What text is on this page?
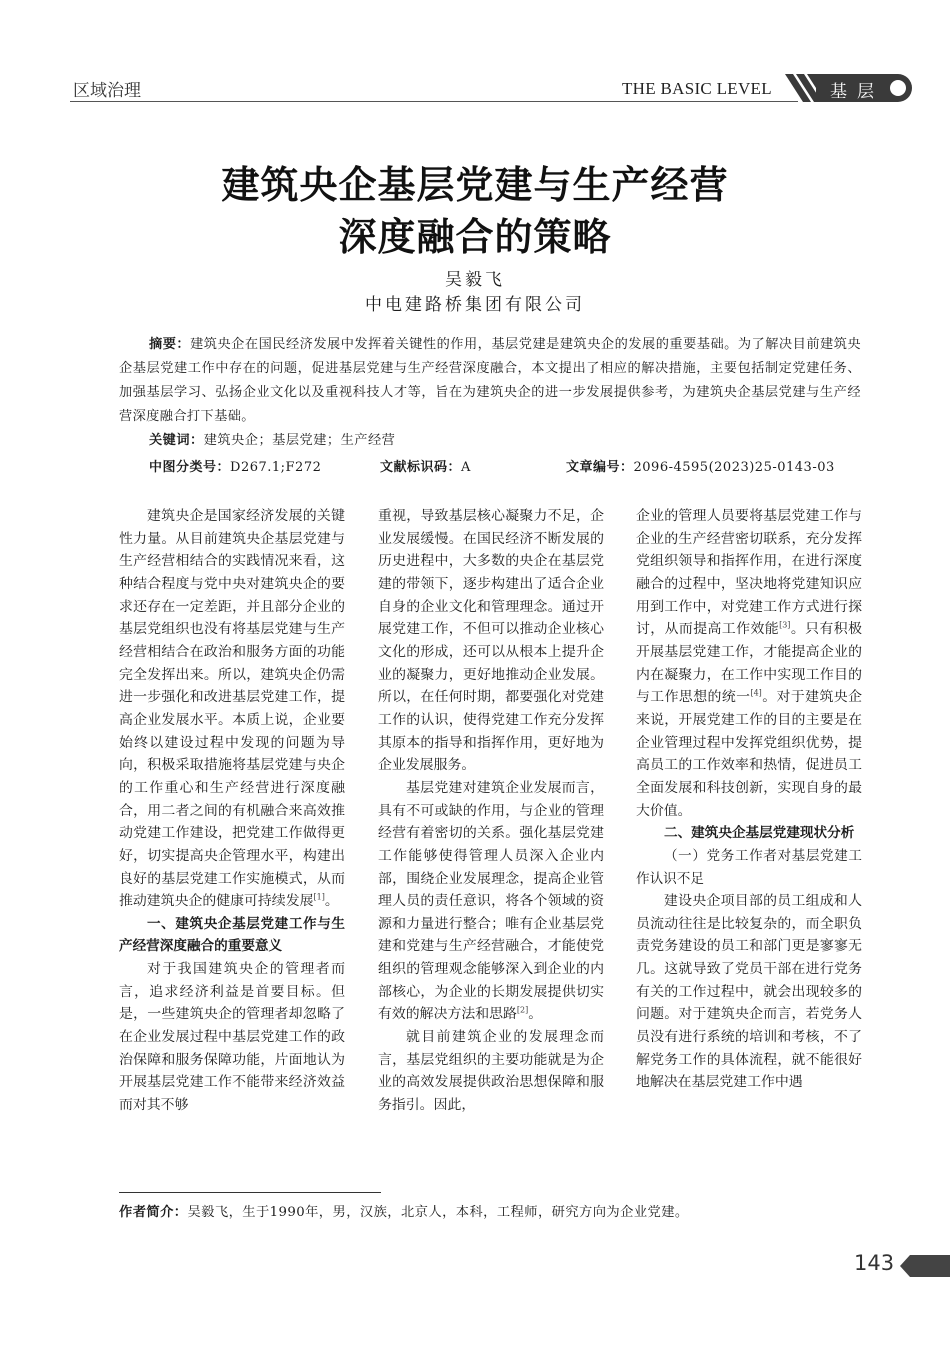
区域治理	THE BASIC LEVEL	基层
建筑央企基层党建与生产经营
深度融合的策略
吴毅飞
中电建路桥集团有限公司
摘要：建筑央企在国民经济发展中发挥着关键性的作用，基层党建是建筑央企的发展的重要基础。为了解决目前建筑央企基层党建工作中存在的问题，促进基层党建与生产经营深度融合，本文提出了相应的解决措施，主要包括制定党建任务、加强基层学习、弘扬企业文化以及重视科技人才等，旨在为建筑央企的进一步发展提供参考，为建筑央企基层党建与生产经营深度融合打下基础。
关键词：建筑央企；基层党建；生产经营
中图分类号：D267.1;F272	文献标识码：A	文章编号：2096-4595(2023)25-0143-03

建筑央企是国家经济发展的关键性力量。从目前建筑央企基层党建与生产经营相结合的实践情况来看，这种结合程度与党中央对建筑央企的要求还存在一定差距，并且部分企业的基层党组织也没有将基层党建与生产经营相结合在政治和服务方面的功能完全发挥出来。所以，建筑央企仍需进一步强化和改进基层党建工作，提高企业发展水平。本质上说，企业要始终以建设过程中发现的问题为导向，积极采取措施将基层党建与央企的工作重心和生产经营进行深度融合，用二者之间的有机融合来高效推动党建工作建设，把党建工作做得更好，切实提高央企管理水平，构建出良好的基层党建工作实施模式，从而推动建筑央企的健康可持续发展[1]。

一、建筑央企基层党建工作与生产经营深度融合的重要意义

对于我国建筑央企的管理者而言，追求经济利益是首要目标。但是，一些建筑央企的管理者却忽略了在企业发展过程中基层党建工作的政治保障和服务保障功能，片面地认为开展基层党建工作不能带来经济效益而对其不够

重视，导致基层核心凝聚力不足，企业发展缓慢。在国民经济不断发展的历史进程中，大多数的央企在基层党建的带领下，逐步构建出了适合企业自身的企业文化和管理理念。通过开展党建工作，不但可以推动企业核心文化的形成，还可以从根本上提升企业的凝聚力，更好地推动企业发展。所以，在任何时期，都要强化对党建工作的认识，使得党建工作充分发挥其原本的指导和指挥作用，更好地为企业发展服务。

基层党建对建筑企业发展而言，具有不可或缺的作用，与企业的管理经营有着密切的关系。强化基层党建工作能够使得管理人员深入企业内部，围绕企业发展理念，提高企业管理人员的责任意识，将各个领域的资源和力量进行整合；唯有企业基层党建和党建与生产经营融合，才能使党组织的管理观念能够深入到企业的内部核心，为企业的长期发展提供切实有效的解决方法和思路[2]。

就目前建筑企业的发展理念而言，基层党组织的主要功能就是为企业的高效发展提供政治思想保障和服务指引。因此，

企业的管理人员要将基层党建工作与企业的生产经营密切联系，充分发挥党组织领导和指挥作用，在进行深度融合的过程中，坚决地将党建知识应用到工作中，对党建工作方式进行探讨，从而提高工作效能[3]。只有积极开展基层党建工作，才能提高企业的内在凝聚力，在工作中实现工作目的与工作思想的统一[4]。对于建筑央企来说，开展党建工作的目的主要是在企业管理过程中发挥党组织优势，提高员工的工作效率和热情，促进员工全面发展和科技创新，实现自身的最大价值。

二、建筑央企基层党建现状分析

（一）党务工作者对基层党建工作认识不足

建设央企项目部的员工组成和人员流动往往是比较复杂的，而全职负责党务建设的员工和部门更是寥寥无几。这就导致了党员干部在进行党务有关的工作过程中，就会出现较多的问题。对于建筑央企而言，若党务人员没有进行系统的培训和考核，不了解党务工作的具体流程，就不能很好地解决在基层党建工作中遇

作者简介：吴毅飞，生于1990年，男，汉族，北京人，本科，工程师，研究方向为企业党建。
143
